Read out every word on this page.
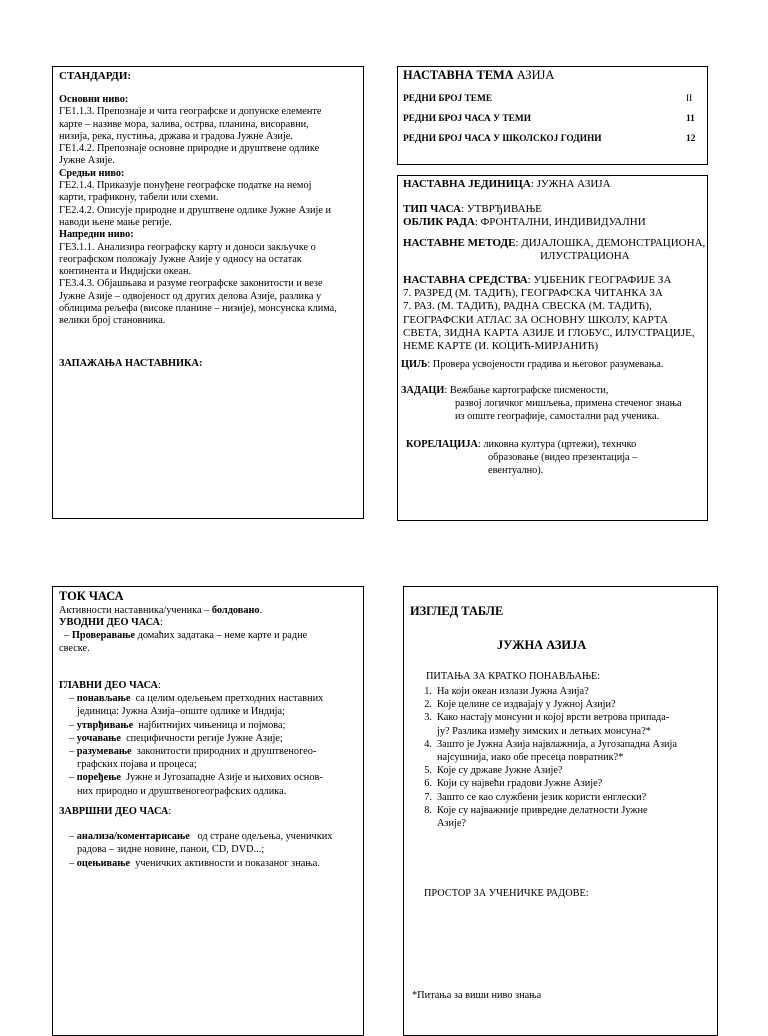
СТАНДАРДИ:
Основни ниво:
ГЕ1.1.3. Препознаје и чита географске и допунске елементе
карте – називе мора, залива, острва, планина, висоравни,
низија, река, пустиња, држава и градова Јужне Азије.
ГЕ1.4.2. Препознаје основне природне и друштвене одлике
Јужне Азије.
Средњи ниво:
ГЕ2.1.4. Приказује понуђене географске податке на немој
карти, графикону, табели или схеми.
ГЕ2.4.2. Описује природне и друштвене одлике Јужне Азије и
наводи њене мање регије.
Напредни ниво:
ГЕ3.1.1. Анализира географску карту и доноси закључке о
географском положају Јужне Азије у односу на остатак
континента и Индијски океан.
ГЕ3.4.3. Објашњава и разуме географске законитости и везе
Јужне Азије – одвојеност од других делова Азије, разлика у
облицима рељефа (високе планине – низије), монсунска клима,
велики број становника.
ЗАПАЖАЊА НАСТАВНИКА:
НАСТАВНА ТЕМА АЗИЈА
РЕДНИ БРОЈ ТЕМЕ	II
РЕДНИ БРОЈ ЧАСА У ТЕМИ	11
РЕДНИ БРОЈ ЧАСА У ШКОЛСКОЈ ГОДИНИ	12
НАСТАВНА ЈЕДИНИЦА: ЈУЖНА АЗИЈА
ТИП ЧАСА: УТВРЂИВАЊЕ
ОБЛИК РАДА: ФРОНТАЛНИ, ИНДИВИДУАЛНИ
НАСТАВНЕ МЕТОДЕ: ДИЈАЛОШКА, ДЕМОНСТРАЦИОНА,
ИЛУСТРАЦИОНА
НАСТАВНА СРЕДСТВА: УЏБЕНИК ГЕОГРАФИЈЕ ЗА
7. РАЗРЕД (М. ТАДИЋ), ГЕОГРАФСКА ЧИТАНКА ЗА
7. РАЗ. (М. ТАДИЋ), РАДНА СВЕСКА (М. ТАДИЋ),
ГЕОГРАФСКИ АТЛАС ЗА ОСНОВНУ ШКОЛУ, КАРТА
СВЕТА, ЗИДНА КАРТА АЗИЈЕ И ГЛОБУС, ИЛУСТРАЦИЈЕ,
НЕМЕ КАРТЕ (И. КОЦИЋ-МИРЈАНИЋ)
ЦИЉ: Провера усвојености градива и његовог разумевања.
ЗАДАЦИ: Вежбање картографске писмености,
развој логичког мишљења, примена стеченог знања
из опште географије, самостални рад ученика.
КОРЕЛАЦИЈА: ликовна култура (цртежи), технчко
образовање (видео презентација –
евентуално).
ТОК ЧАСА
Активности наставника/ученика – болдовано.
УВОДНИ ДЕО ЧАСА:
– Проверавање домаћих задатака – неме карте и радне
свеске.
ГЛАВНИ ДЕО ЧАСА:
– понављање  са целим одељењем претходних наставних
јединица: Јужна Азија–опште одлике и Индија;
– утврђивање  најбитнијих чињеница и појмова;
– уочавање  специфичности регије Јужне Азије;
– разумевање  законитости природних и друштвеногео-
графских појава и процеса;
– поређење  Јужне и Југозападне Азије и њихових основ-
них природно и друштвеногеографских одлика.
ЗАВРШНИ ДЕО ЧАСА:
– анализа/коментарисање   од стране одељења, ученичких
радова – зидне новине, панои, CD, DVD...;
– оцењивање  ученичких активности и показаног знања.
ИЗГЛЕД ТАБЛЕ
ЈУЖНА АЗИЈА
ПИТАЊА ЗА КРАТКО ПОНАВЉАЊЕ:
1. На који океан излази Јужна Азија?
2. Које целине се издвајају у Јужној Азији?
3. Како настају монсуни и којој врсти ветрова припада-
ју? Разлика између зимских и летњих монсуна?*
4. Зашто је Јужна Азија највлажнија, а Југозападна Азија
најсушнија, иако обе пресеца повратник?*
5. Које су државе Јужне Азије?
6. Који су највећи градови Јужне Азије?
7. Зашто се као службени језик користи енглески?
8. Које су најважније привредне делатности Јужне
Азије?
ПРОСТОР ЗА УЧЕНИЧКЕ РАДОВЕ:
*Питања за виши ниво знања
